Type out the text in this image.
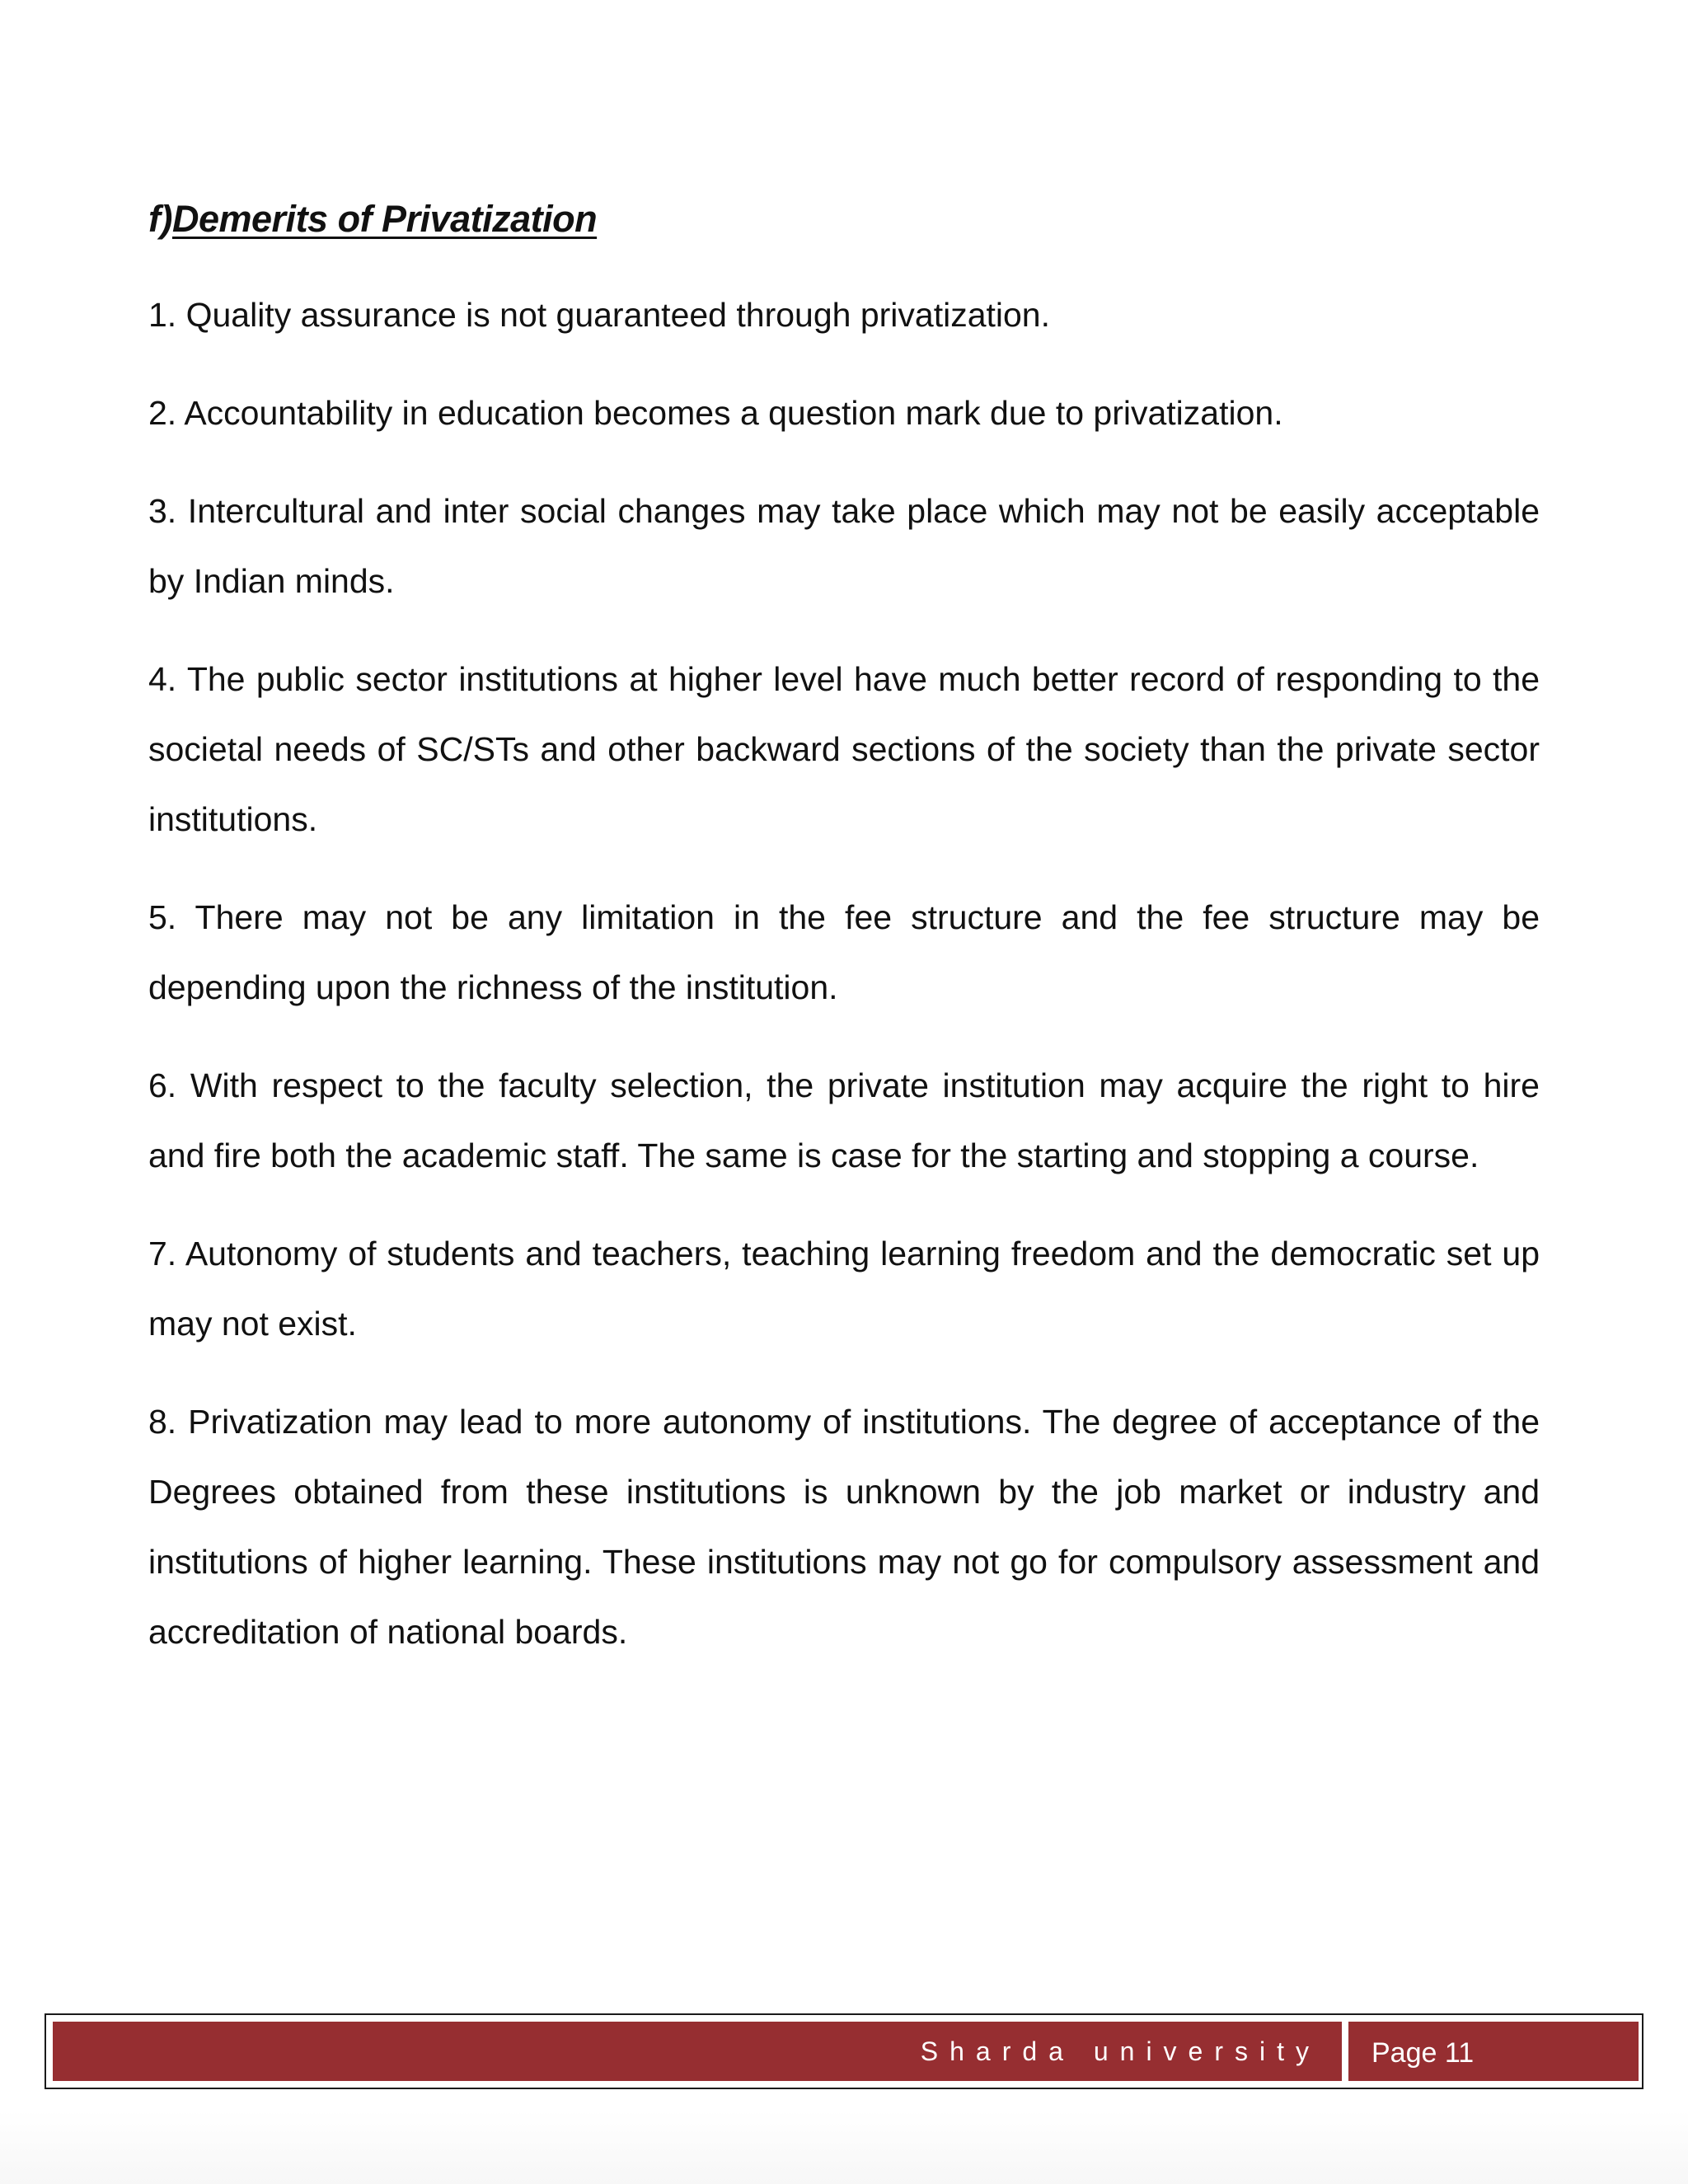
f)Demerits of Privatization

1. Quality assurance is not guaranteed through privatization.

2. Accountability in education becomes a question mark due to privatization.

3. Intercultural and inter social changes may take place which may not be easily acceptable by Indian minds.

4. The public sector institutions at higher level have much better record of responding to the societal needs of SC/STs and other backward sections of the society than the private sector institutions.

5. There may not be any limitation in the fee structure and the fee structure may be depending upon the richness of the institution.

6. With respect to the faculty selection, the private institution may acquire the right to hire and fire both the academic staff. The same is case for the starting and stopping a course.

7. Autonomy of students and teachers, teaching learning freedom and the democratic set up may not exist.

8. Privatization may lead to more autonomy of institutions. The degree of acceptance of the Degrees obtained from these institutions is unknown by the job market or industry and institutions of higher learning. These institutions may not go for compulsory assessment and accreditation of national boards.

Sharda university Page 11
